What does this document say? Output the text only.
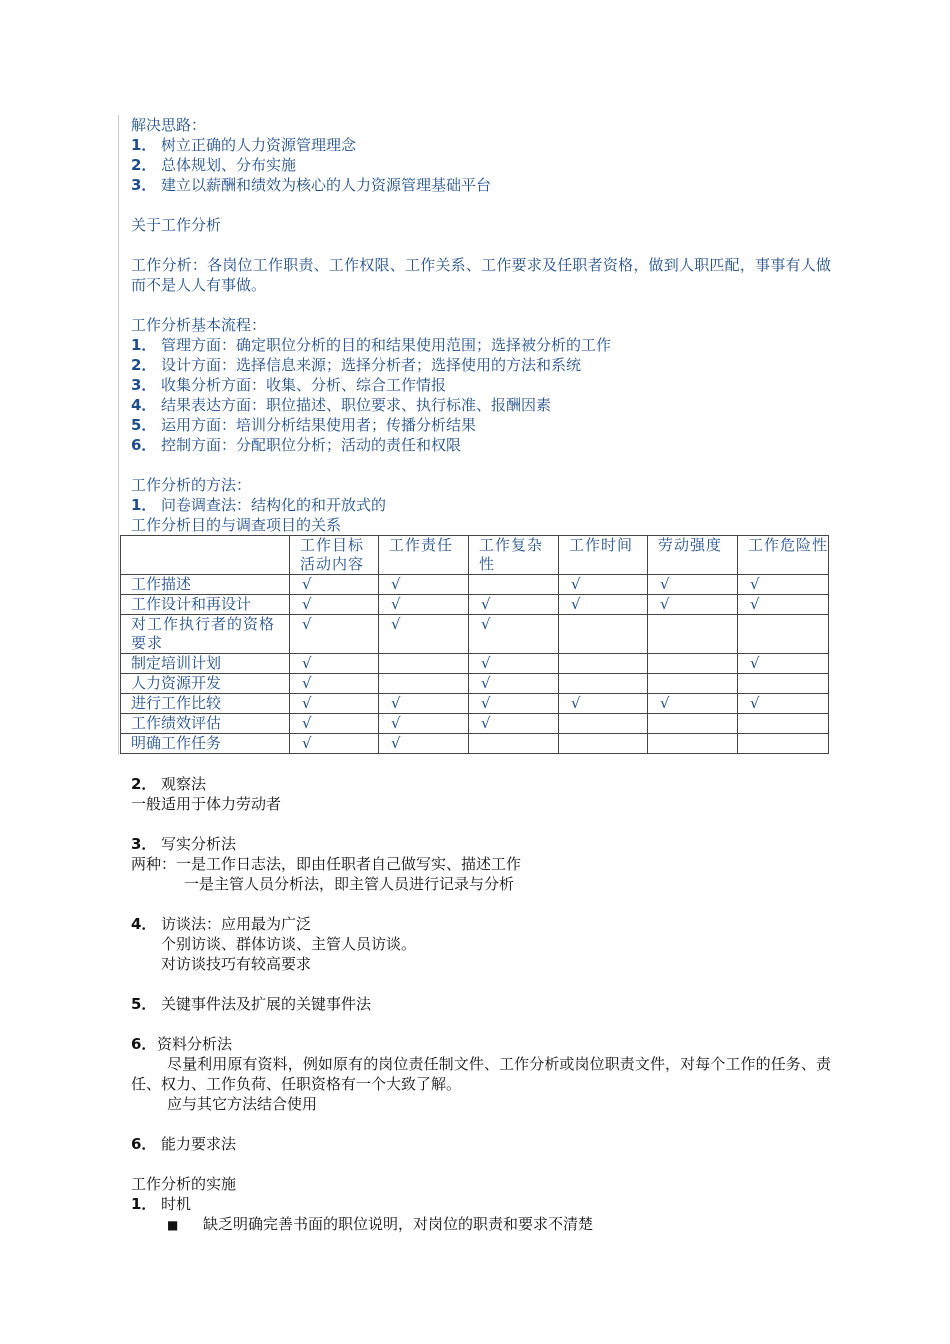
解决思路：
1． 树立正确的人力资源管理理念
2． 总体规划、分布实施
3． 建立以薪酬和绩效为核心的人力资源管理基础平台
关于工作分析
工作分析：各岗位工作职责、工作权限、工作关系、工作要求及任职者资格，做到人职匹配，事事有人做而不是人人有事做。
工作分析基本流程：
1． 管理方面：确定职位分析的目的和结果使用范围；选择被分析的工作
2． 设计方面：选择信息来源；选择分析者；选择使用的方法和系统
3． 收集分析方面：收集、分析、综合工作情报
4． 结果表达方面：职位描述、职位要求、执行标准、报酬因素
5． 运用方面：培训分析结果使用者；传播分析结果
6． 控制方面：分配职位分析；活动的责任和权限
工作分析的方法：
1． 问卷调查法：结构化的和开放式的
工作分析目的与调查项目的关系
	工作目标活动内容	工作责任	工作复杂性	工作时间	劳动强度	工作危险性
工作描述	√	√		√	√	√
工作设计和再设计	√	√	√	√	√	√
对工作执行者的资格要求	√	√	√			
制定培训计划	√		√			√
人力资源开发	√		√			
进行工作比较	√	√	√	√	√	√
工作绩效评估	√	√	√			
明确工作任务	√	√				
2． 观察法
一般适用于体力劳动者
3． 写实分析法
两种：一是工作日志法，即由任职者自己做写实、描述工作
一是主管人员分析法，即主管人员进行记录与分析
4． 访谈法：应用最为广泛
个别访谈、群体访谈、主管人员访谈。
对访谈技巧有较高要求
5． 关键事件法及扩展的关键事件法
6．资料分析法
尽量利用原有资料，例如原有的岗位责任制文件、工作分析或岗位职责文件，对每个工作的任务、责任、权力、工作负荷、任职资格有一个大致了解。
应与其它方法结合使用
6． 能力要求法
工作分析的实施
1． 时机
■ 缺乏明确完善书面的职位说明，对岗位的职责和要求不清楚
